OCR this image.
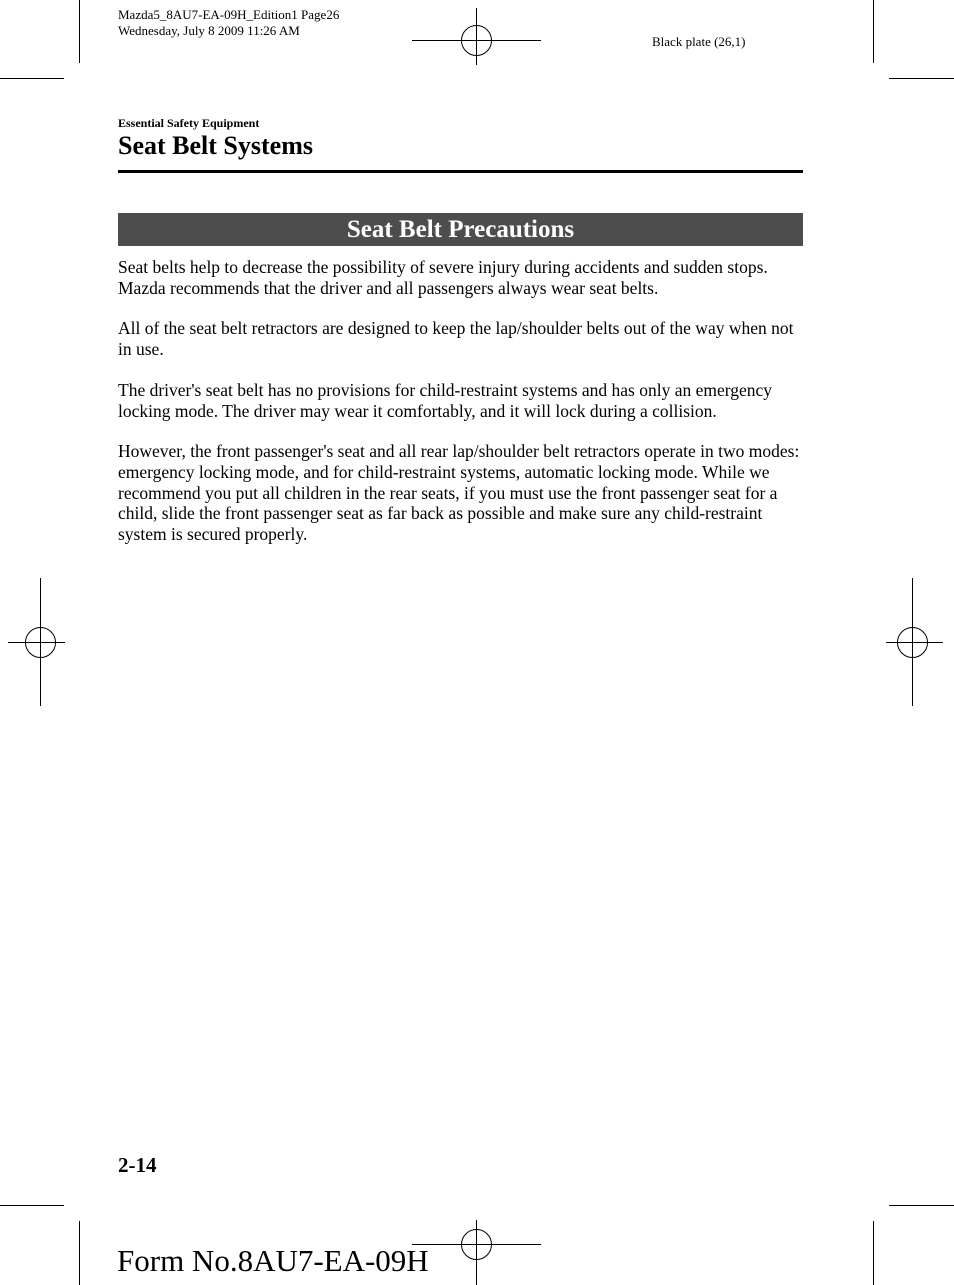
Mazda5_8AU7-EA-09H_Edition1 Page26
Wednesday, July 8 2009 11:26 AM
Black plate (26,1)
Essential Safety Equipment
Seat Belt Systems
Seat Belt Precautions

Seat belts help to decrease the possibility of severe injury during accidents and sudden stops. Mazda recommends that the driver and all passengers always wear seat belts.

All of the seat belt retractors are designed to keep the lap/shoulder belts out of the way when not in use.

The driver's seat belt has no provisions for child-restraint systems and has only an emergency locking mode. The driver may wear it comfortably, and it will lock during a collision.

However, the front passenger's seat and all rear lap/shoulder belt retractors operate in two modes: emergency locking mode, and for child-restraint systems, automatic locking mode. While we recommend you put all children in the rear seats, if you must use the front passenger seat for a child, slide the front passenger seat as far back as possible and make sure any child-restraint system is secured properly.

2-14
Form No.8AU7-EA-09H
